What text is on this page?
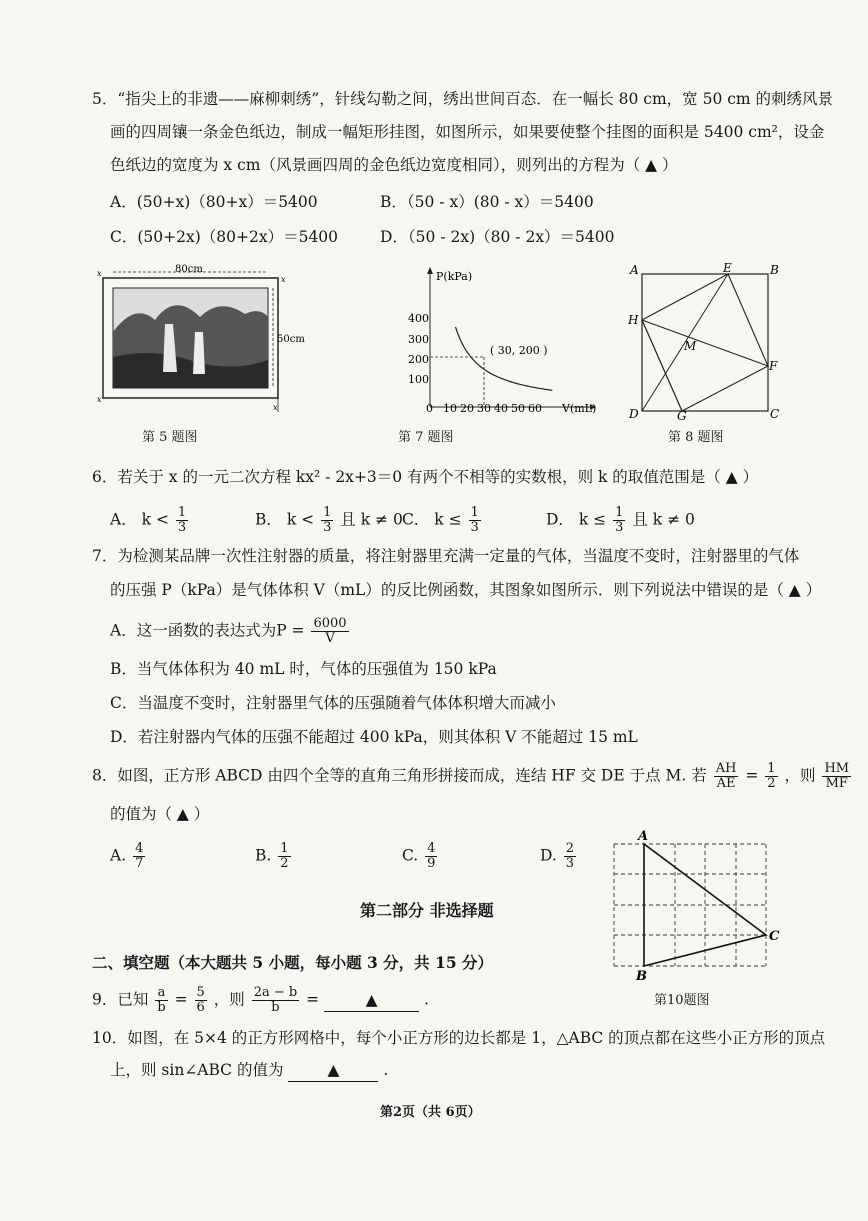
5．“指尖上的非遗——麻柳刺绣”，针线勾勒之间，绣出世间百态．在一幅长 80 cm，宽 50 cm 的刺绣风景
画的四周镶一条金色纸边，制成一幅矩形挂图，如图所示，如果要使整个挂图的面积是 5400 cm²，设金
色纸边的宽度为 x cm（风景画四周的金色纸边宽度相同），则列出的方程为（ ▲ ）
A．(50+x)（80+x）＝5400	B．（50 - x）(80 - x）＝5400
C．(50+2x)（80+2x）＝5400	D．（50 - 2x)（80 - 2x）＝5400
80cm
50cm
x
x
x
x
第 5 题图
P(kPa)
V(mL)
400
300
200
100
0 10 20 30 40 50 60
( 30, 200 )
第 7 题图
A	E	B
H
M
F
D	G	C
第 8 题图
6．若关于 x 的一元二次方程 kx² - 2x+3＝0 有两个不相等的实数根，则 k 的取值范围是（ ▲ ）
A． $k < \frac{1}{3}$	B． $k < \frac{1}{3}$ 且 k ≠ 0 C． $k \le \frac{1}{3}$	D． $k \le \frac{1}{3}$ 且 k ≠ 0
7．为检测某品牌一次性注射器的质量，将注射器里充满一定量的气体，当温度不变时，注射器里的气体
的压强 P（kPa）是气体体积 V（mL）的反比例函数，其图象如图所示．则下列说法中错误的是（ ▲ ）
A．这一函数的表达式为$P = \frac{6000}{V}$
B．当气体体积为 40 mL 时，气体的压强值为 150 kPa
C．当温度不变时，注射器里气体的压强随着气体体积增大而减小
D．若注射器内气体的压强不能超过 400 kPa，则其体积 V 不能超过 15 mL
8．如图，正方形 ABCD 由四个全等的直角三角形拼接而成，连结 HF 交 DE 于点 M. 若 $\frac{AH}{AE} = \frac{1}{2}$ ，则 $\frac{HM}{MF}$
的值为（ ▲ ）
A. $\frac{4}{7}$	B. $\frac{1}{2}$	C. $\frac{4}{9}$	D. $\frac{2}{3}$
A
B
C
第10题图
第二部分 非选择题
二、填空题（本大题共 5 小题，每小题 3 分，共 15 分）
9．已知 $\frac{a}{b} = \frac{5}{6}$ ，则 $\frac{2a - b}{b}$ =	▲	.
10．如图，在 5×4 的正方形网格中，每个小正方形的边长都是 1，△ABC 的顶点都在这些小正方形的顶点
上，则 sin∠ABC 的值为	▲	.
第2页（共 6页）
